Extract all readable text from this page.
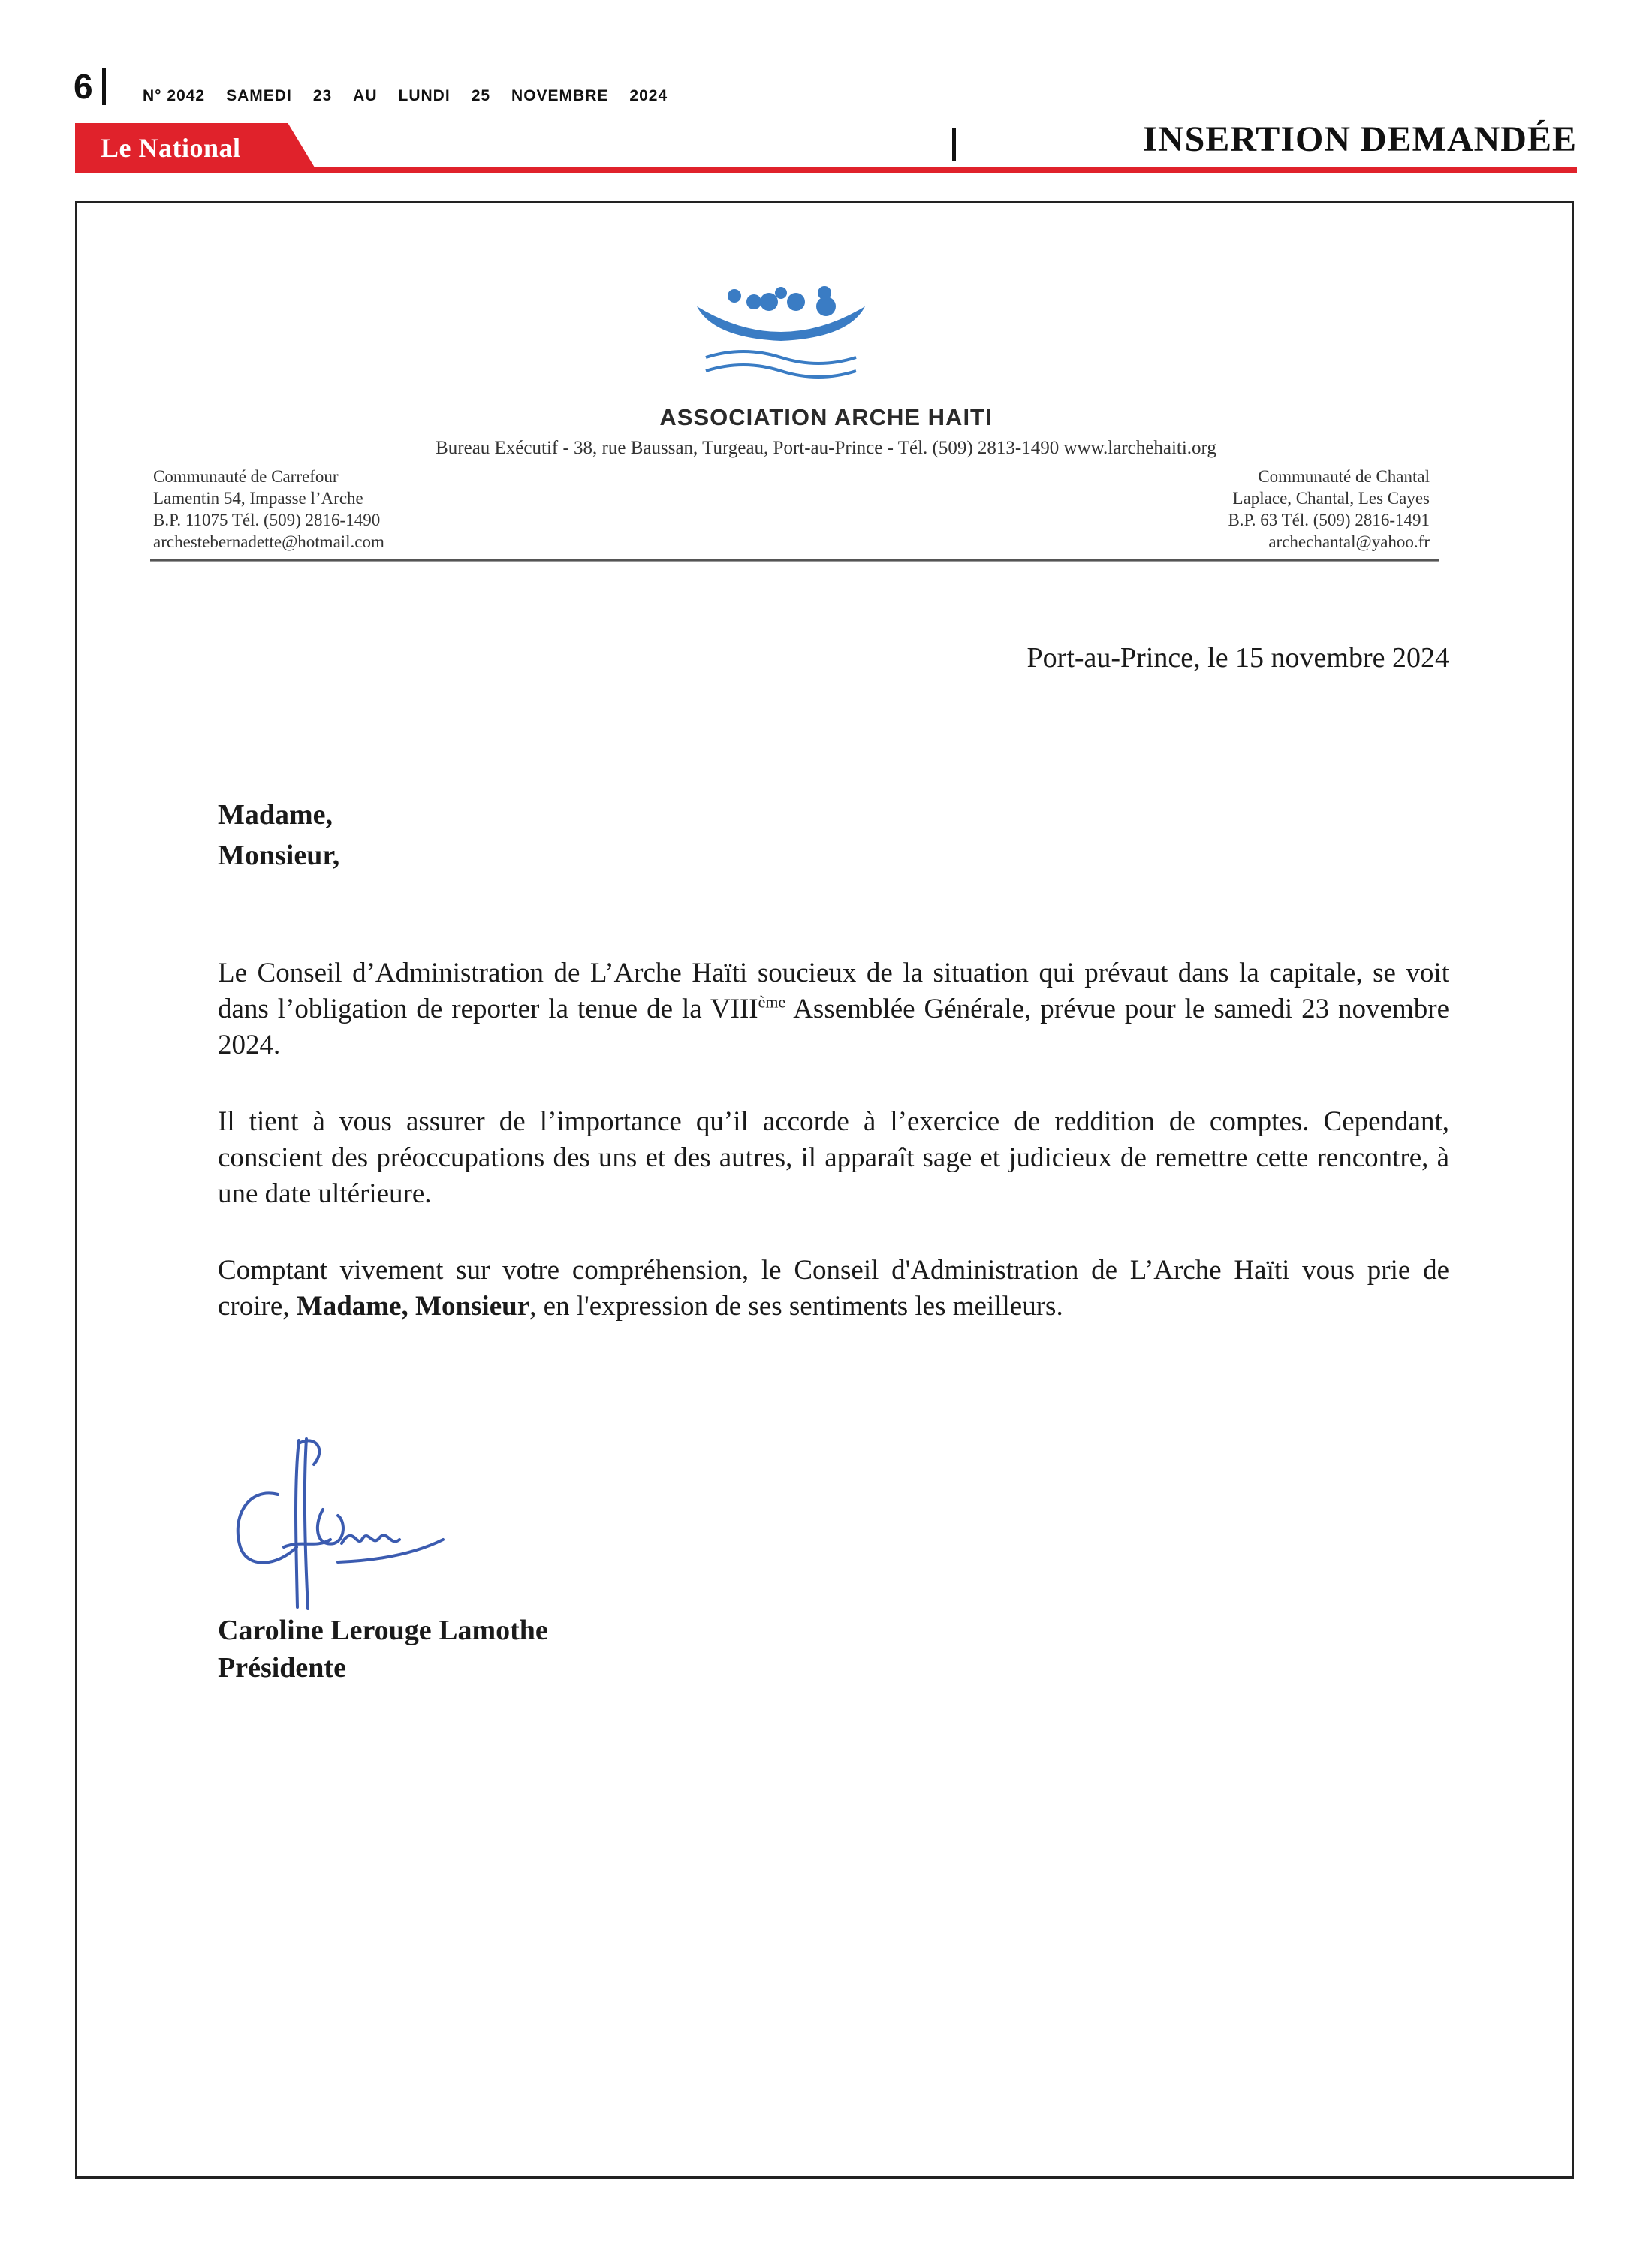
6	N° 2042 SAMEDI 23 AU LUNDI 25 NOVEMBRE 2024
Le National	INSERTION DEMANDÉE
ASSOCIATION ARCHE HAITI
Bureau Exécutif - 38, rue Baussan, Turgeau, Port-au-Prince - Tél. (509) 2813-1490 www.larchehaiti.org
Communauté de Carrefour
Lamentin 54, Impasse l’Arche
B.P. 11075 Tél. (509) 2816-1490
archestebernadette@hotmail.com
Communauté de Chantal
Laplace, Chantal, Les Cayes
B.P. 63 Tél. (509) 2816-1491
archechantal@yahoo.fr
Port-au-Prince, le 15 novembre 2024
Madame,
Monsieur,
Le Conseil d’Administration de L’Arche Haïti soucieux de la situation qui prévaut dans la capitale, se voit dans l’obligation de reporter la tenue de la VIIIème Assemblée Générale, prévue pour le samedi 23 novembre 2024.
Il tient à vous assurer de l’importance qu’il accorde à l’exercice de reddition de comptes. Cependant, conscient des préoccupations des uns et des autres, il apparaît sage et judicieux de remettre cette rencontre, à une date ultérieure.
Comptant vivement sur votre compréhension, le Conseil d'Administration de L’Arche Haïti vous prie de croire, Madame, Monsieur, en l'expression de ses sentiments les meilleurs.
Caroline Lerouge Lamothe
Présidente
